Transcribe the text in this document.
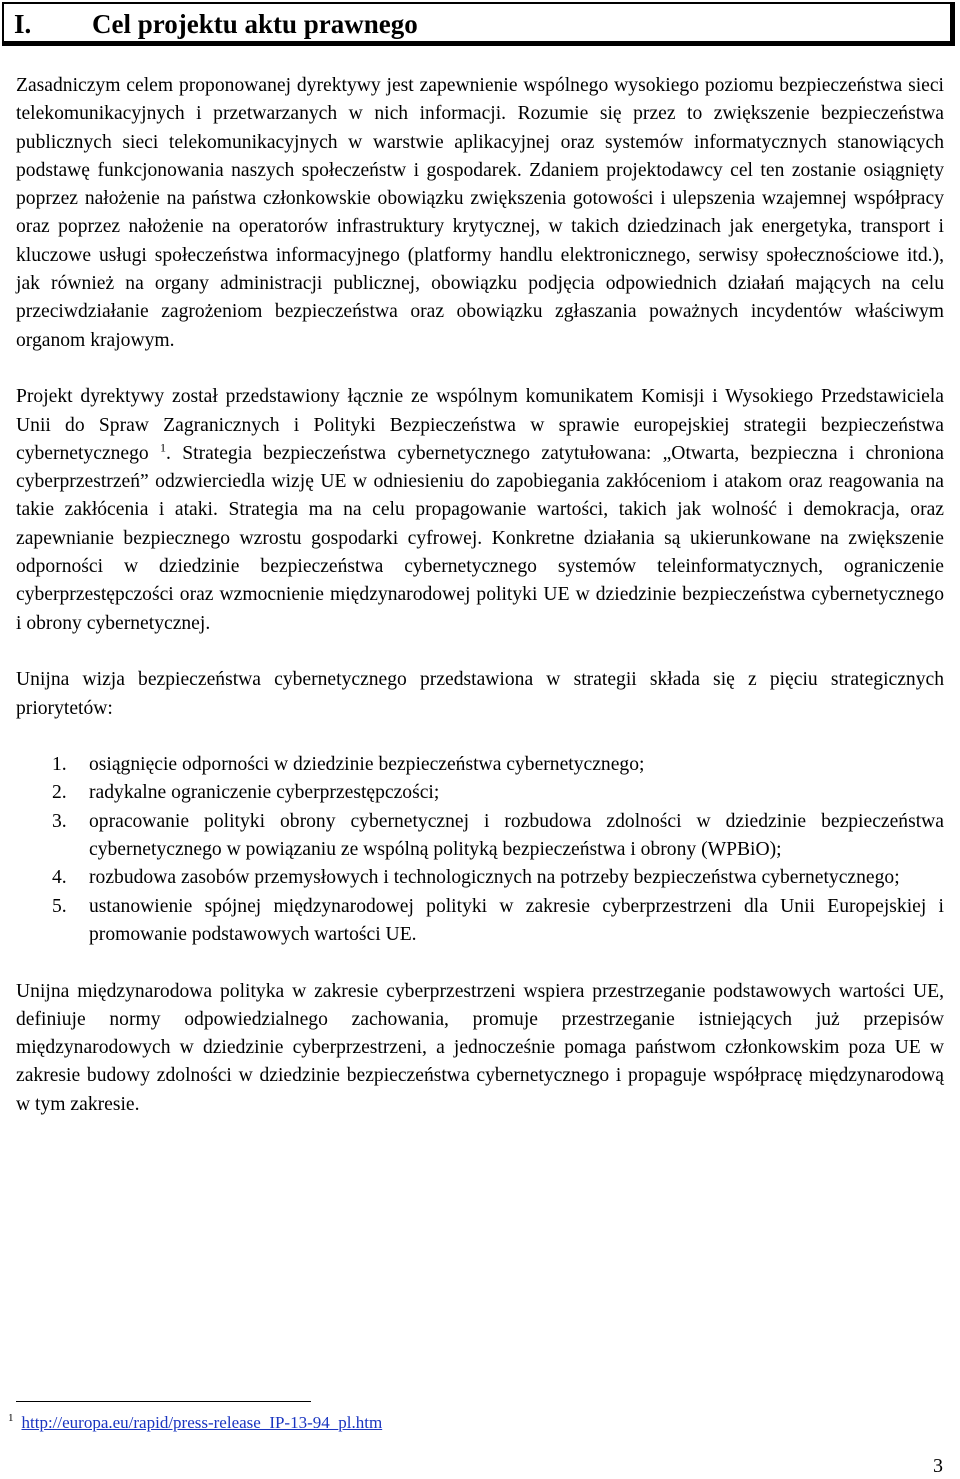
I. Cel projektu aktu prawnego

Zasadniczym celem proponowanej dyrektywy jest zapewnienie wspólnego wysokiego poziomu bezpieczeństwa sieci telekomunikacyjnych i przetwarzanych w nich informacji. Rozumie się przez to zwiększenie bezpieczeństwa publicznych sieci telekomunikacyjnych w warstwie aplikacyjnej oraz systemów informatycznych stanowiących podstawę funkcjonowania naszych społeczeństw i gospodarek. Zdaniem projektodawcy cel ten zostanie osiągnięty poprzez nałożenie na państwa członkowskie obowiązku zwiększenia gotowości i ulepszenia wzajemnej współpracy oraz poprzez nałożenie na operatorów infrastruktury krytycznej, w takich dziedzinach jak energetyka, transport i kluczowe usługi społeczeństwa informacyjnego (platformy handlu elektronicznego, serwisy społecznościowe itd.), jak również na organy administracji publicznej, obowiązku podjęcia odpowiednich działań mających na celu przeciwdziałanie zagrożeniom bezpieczeństwa oraz obowiązku zgłaszania poważnych incydentów właściwym organom krajowym.

Projekt dyrektywy został przedstawiony łącznie ze wspólnym komunikatem Komisji i Wysokiego Przedstawiciela Unii do Spraw Zagranicznych i Polityki Bezpieczeństwa w sprawie europejskiej strategii bezpieczeństwa cybernetycznego $^1$. Strategia bezpieczeństwa cybernetycznego zatytułowana: „Otwarta, bezpieczna i chroniona cyberprzestrzeń” odzwierciedla wizję UE w odniesieniu do zapobiegania zakłóceniom i atakom oraz reagowania na takie zakłócenia i ataki. Strategia ma na celu propagowanie wartości, takich jak wolność i demokracja, oraz zapewnianie bezpiecznego wzrostu gospodarki cyfrowej. Konkretne działania są ukierunkowane na zwiększenie odporności w dziedzinie bezpieczeństwa cybernetycznego systemów teleinformatycznych, ograniczenie cyberprzestępczości oraz wzmocnienie międzynarodowej polityki UE w dziedzinie bezpieczeństwa cybernetycznego i obrony cybernetycznej.

Unijna wizja bezpieczeństwa cybernetycznego przedstawiona w strategii składa się z pięciu strategicznych priorytetów:

1. osiągnięcie odporności w dziedzinie bezpieczeństwa cybernetycznego;
2. radykalne ograniczenie cyberprzestępczości;
3. opracowanie polityki obrony cybernetycznej i rozbudowa zdolności w dziedzinie bezpieczeństwa cybernetycznego w powiązaniu ze wspólną polityką bezpieczeństwa i obrony (WPBiO);
4. rozbudowa zasobów przemysłowych i technologicznych na potrzeby bezpieczeństwa cybernetycznego;
5. ustanowienie spójnej międzynarodowej polityki w zakresie cyberprzestrzeni dla Unii Europejskiej i promowanie podstawowych wartości UE.

Unijna międzynarodowa polityka w zakresie cyberprzestrzeni wspiera przestrzeganie podstawowych wartości UE, definiuje normy odpowiedzialnego zachowania, promuje przestrzeganie istniejących już przepisów międzynarodowych w dziedzinie cyberprzestrzeni, a jednocześnie pomaga państwom członkowskim poza UE w zakresie budowy zdolności w dziedzinie bezpieczeństwa cybernetycznego i propaguje współpracę międzynarodową w tym zakresie.

$^1$ http://europa.eu/rapid/press-release_IP-13-94_pl.htm
3
